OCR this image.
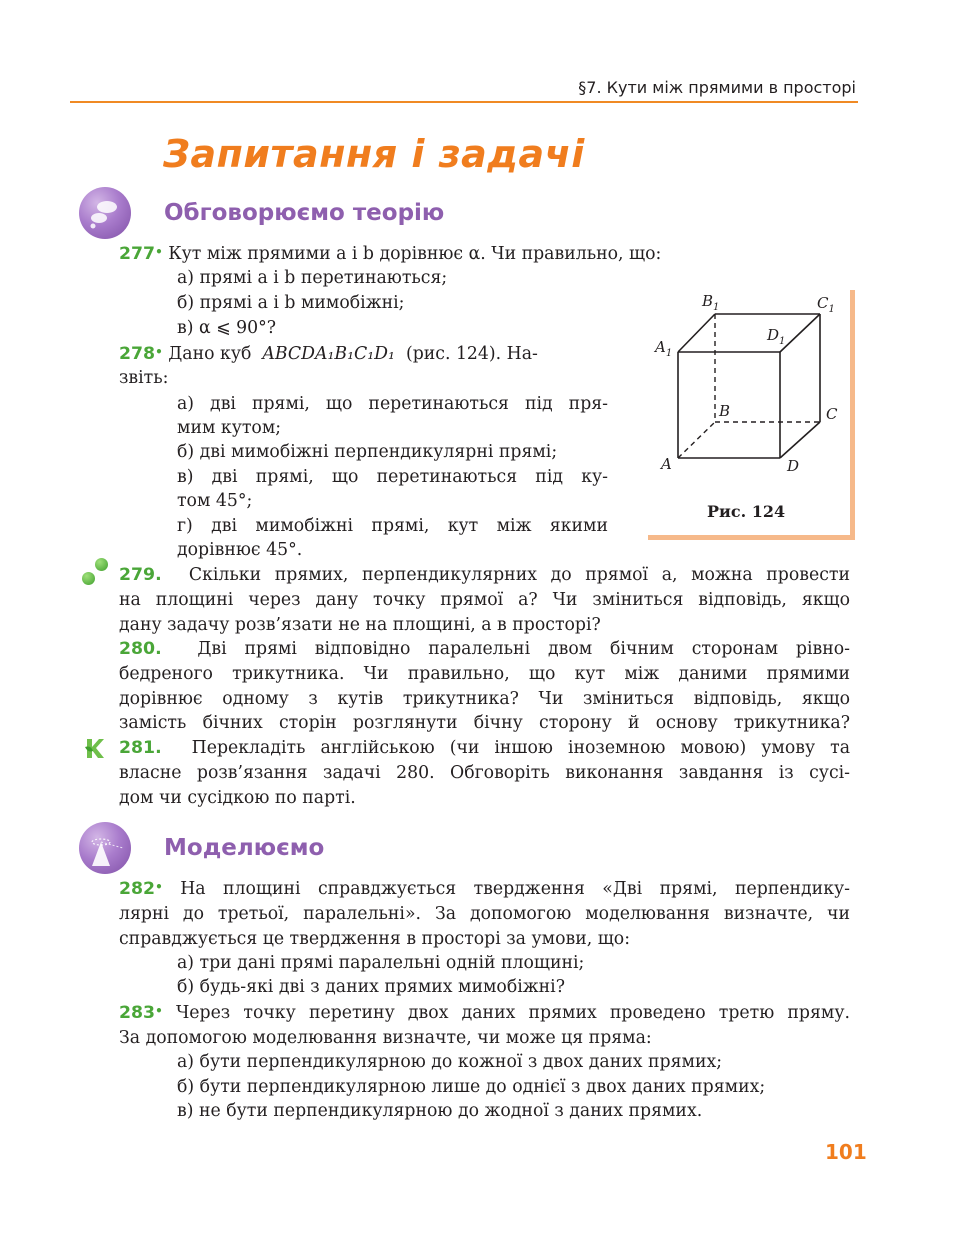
§7. Кути між прямими в просторі
Запитання і задачі
Обговорюємо теорію
277• Кут між прямими a і b дорівнює α. Чи правильно, що:
а) прямі a і b перетинаються;
б) прямі a і b мимобіжні;
в) α ⩽ 90°?
278• Дано куб ABCDA₁B₁C₁D₁ (рис. 124). На-
звіть:
а) дві прямі, що перетинаються під пря-
мим кутом;
б) дві мимобіжні перпендикулярні прямі;
в) дві прямі, що перетинаються під ку-
том 45°;
г) дві мимобіжні прямі, кут між якими
дорівнює 45°.
$B_1$	$C_1$
$D_1$
$A_1$
B	C
A	D
Рис. 124
279. Скільки прямих, перпендикулярних до прямої a, можна провести
на площині через дану точку прямої a? Чи зміниться відповідь, якщо
дану задачу розв’язати не на площині, а в просторі?
280. Дві прямі відповідно паралельні двом бічним сторонам рівно-
бедреного трикутника. Чи правильно, що кут між даними прямими
дорівнює одному з кутів трикутника? Чи зміниться відповідь, якщо
замість бічних сторін розглянути бічну сторону й основу трикутника?
281. Перекладіть англійською (чи іншою іноземною мовою) умову та
власне розв’язання задачі 280. Обговоріть виконання завдання із сусі-
дом чи сусідкою по парті.
Моделюємо
282• На площині справджується твердження «Дві прямі, перпендику-
лярні до третьої, паралельні». За допомогою моделювання визначте, чи
справджується це твердження в просторі за умови, що:
а) три дані прямі паралельні одній площині;
б) будь-які дві з даних прямих мимобіжні?
283• Через точку перетину двох даних прямих проведено третю пряму.
За допомогою моделювання визначте, чи може ця пряма:
а) бути перпендикулярною до кожної з двох даних прямих;
б) бути перпендикулярною лише до однієї з двох даних прямих;
в) не бути перпендикулярною до жодної з даних прямих.
101
